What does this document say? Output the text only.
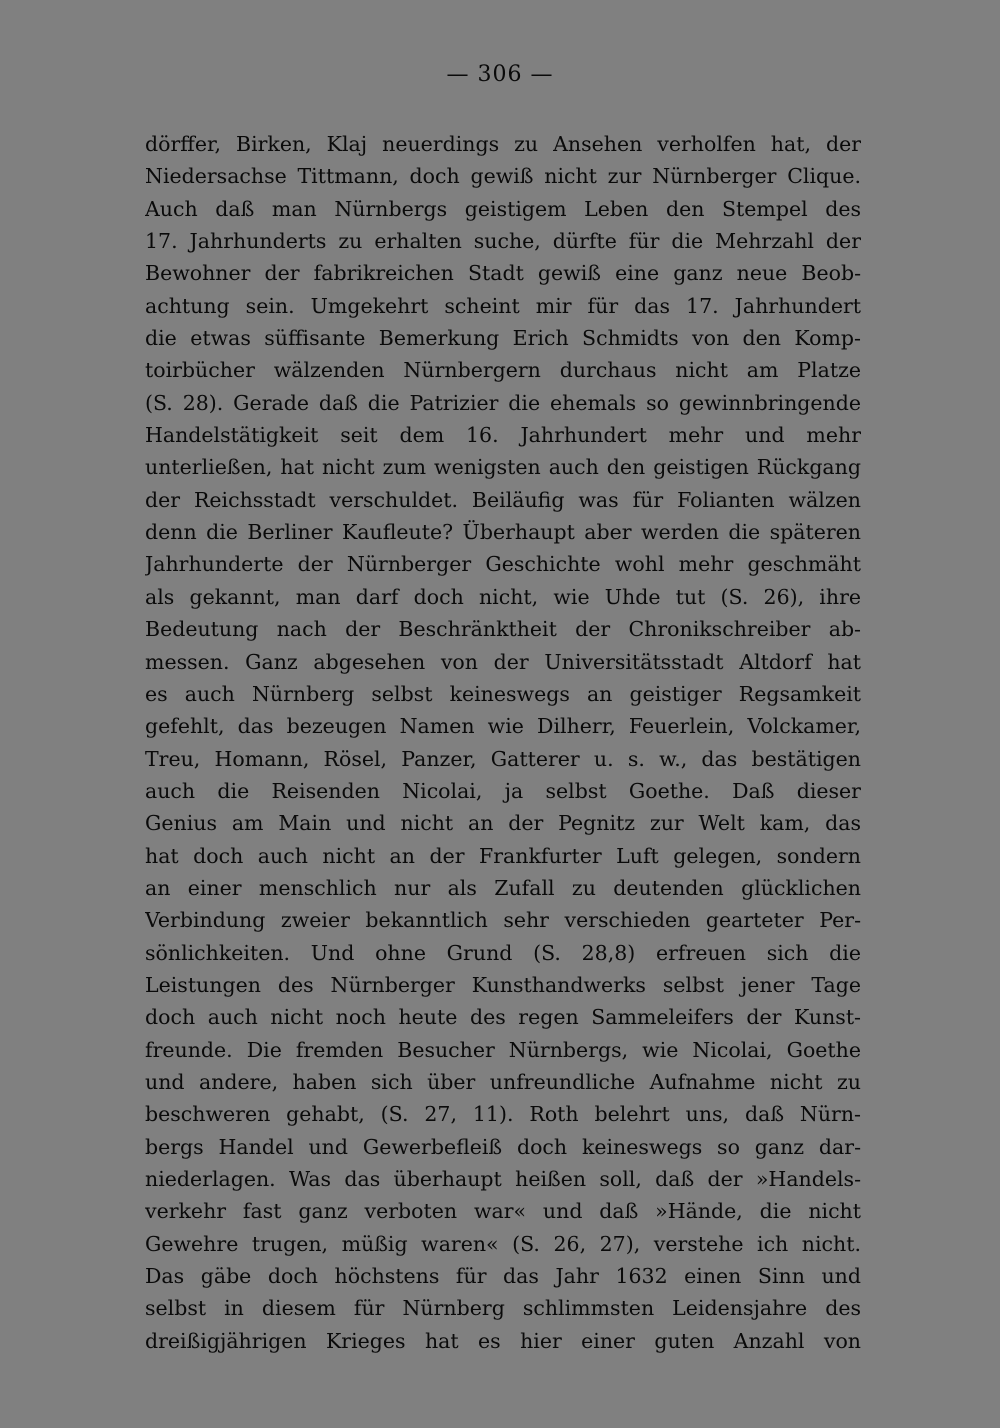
— 306 —
dörffer, Birken, Klaj neuerdings zu Ansehen verholfen hat, der
Niedersachse Tittmann, doch gewiß nicht zur Nürnberger Clique.
Auch daß man Nürnbergs geistigem Leben den Stempel des
17. Jahrhunderts zu erhalten suche, dürfte für die Mehrzahl der
Bewohner der fabrikreichen Stadt gewiß eine ganz neue Beob-
achtung sein. Umgekehrt scheint mir für das 17. Jahrhundert
die etwas süffisante Bemerkung Erich Schmidts von den Komp-
toirbücher wälzenden Nürnbergern durchaus nicht am Platze
(S. 28). Gerade daß die Patrizier die ehemals so gewinnbringende
Handelstätigkeit seit dem 16. Jahrhundert mehr und mehr
unterließen, hat nicht zum wenigsten auch den geistigen Rückgang
der Reichsstadt verschuldet. Beiläufig was für Folianten wälzen
denn die Berliner Kaufleute? Überhaupt aber werden die späteren
Jahrhunderte der Nürnberger Geschichte wohl mehr geschmäht
als gekannt, man darf doch nicht, wie Uhde tut (S. 26), ihre
Bedeutung nach der Beschränktheit der Chronikschreiber ab-
messen. Ganz abgesehen von der Universitätsstadt Altdorf hat
es auch Nürnberg selbst keineswegs an geistiger Regsamkeit
gefehlt, das bezeugen Namen wie Dilherr, Feuerlein, Volckamer,
Treu, Homann, Rösel, Panzer, Gatterer u. s. w., das bestätigen
auch die Reisenden Nicolai, ja selbst Goethe. Daß dieser
Genius am Main und nicht an der Pegnitz zur Welt kam, das
hat doch auch nicht an der Frankfurter Luft gelegen, sondern
an einer menschlich nur als Zufall zu deutenden glücklichen
Verbindung zweier bekanntlich sehr verschieden gearteter Per-
sönlichkeiten. Und ohne Grund (S. 28,8) erfreuen sich die
Leistungen des Nürnberger Kunsthandwerks selbst jener Tage
doch auch nicht noch heute des regen Sammeleifers der Kunst-
freunde. Die fremden Besucher Nürnbergs, wie Nicolai, Goethe
und andere, haben sich über unfreundliche Aufnahme nicht zu
beschweren gehabt, (S. 27, 11). Roth belehrt uns, daß Nürn-
bergs Handel und Gewerbefleiß doch keineswegs so ganz dar-
niederlagen. Was das überhaupt heißen soll, daß der »Handels-
verkehr fast ganz verboten war« und daß »Hände, die nicht
Gewehre trugen, müßig waren« (S. 26, 27), verstehe ich nicht.
Das gäbe doch höchstens für das Jahr 1632 einen Sinn und
selbst in diesem für Nürnberg schlimmsten Leidensjahre des
dreißigjährigen Krieges hat es hier einer guten Anzahl von
